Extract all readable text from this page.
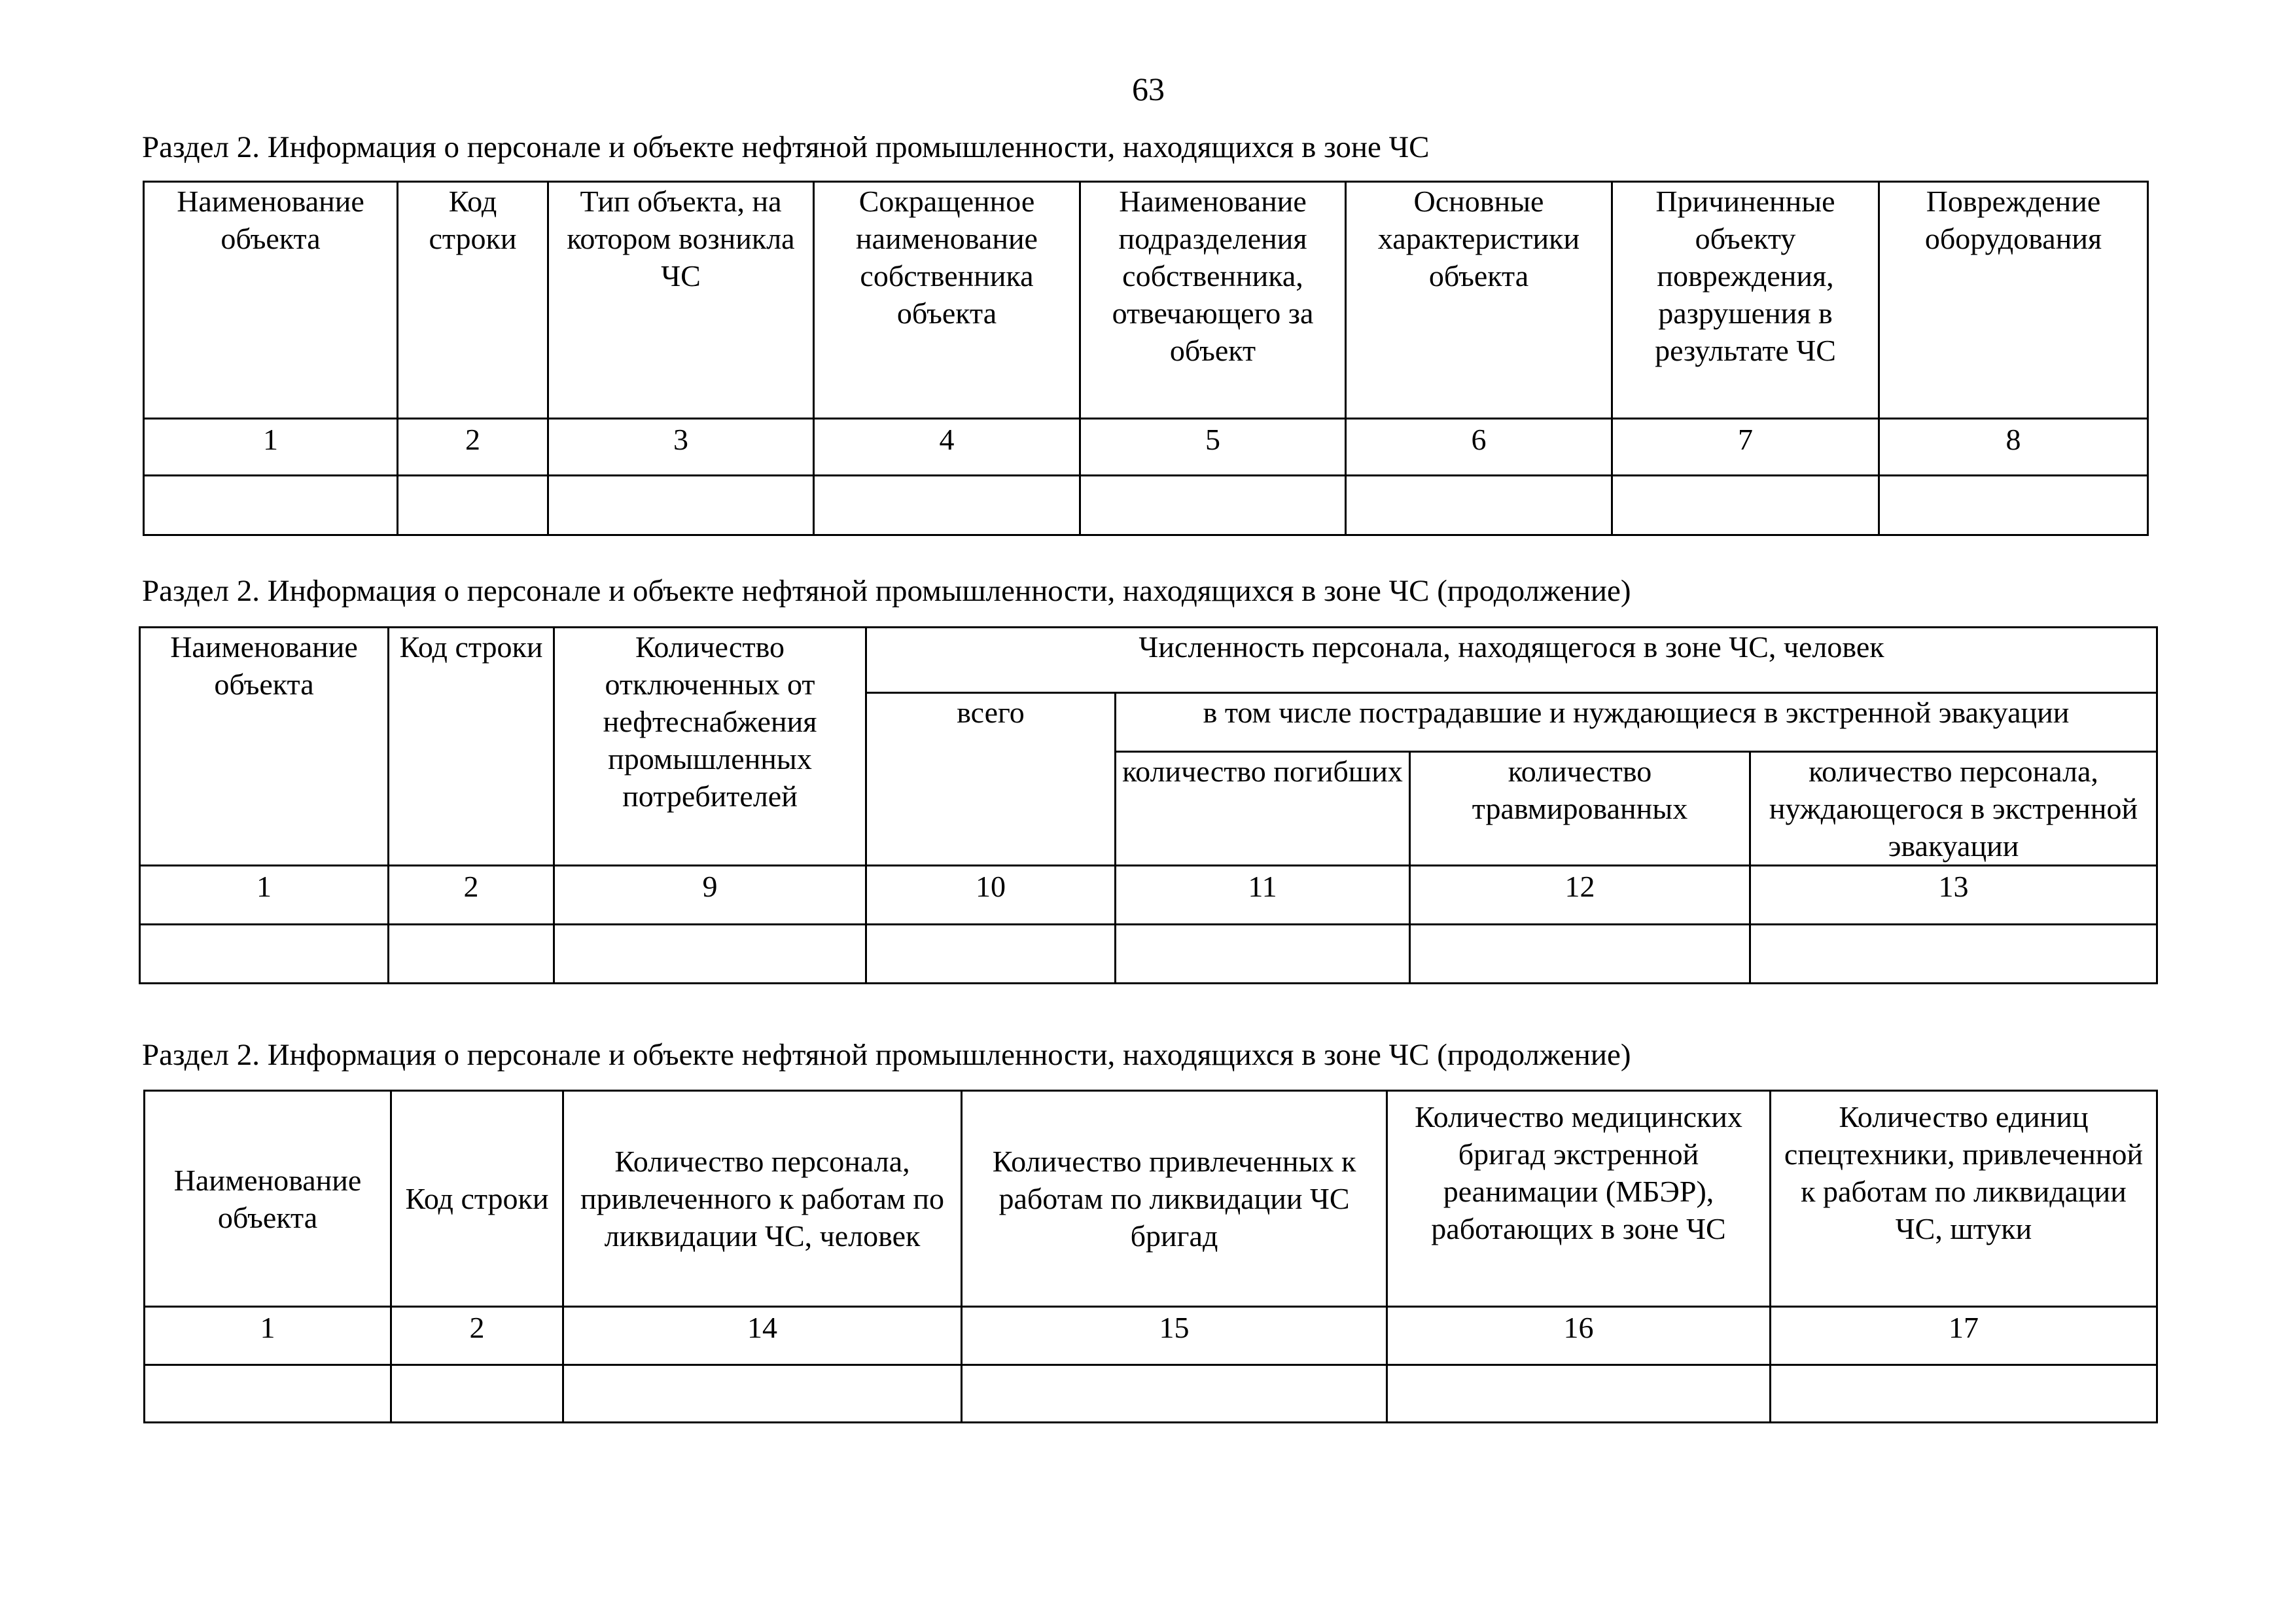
63
Раздел 2. Информация о персонале и объекте нефтяной промышленности, находящихся в зоне ЧС
Наименование объекта	Код строки	Тип объекта, на котором возникла ЧС	Сокращенное наименование собственника объекта	Наименование подразделения собственника, отвечающего за объект	Основные характеристики объекта	Причиненные объекту повреждения, разрушения в результате ЧС	Повреждение оборудования
1	2	3	4	5	6	7	8

Раздел 2. Информация о персонале и объекте нефтяной промышленности, находящихся в зоне ЧС (продолжение)
Наименование объекта	Код строки	Количество отключенных от нефтеснабжения промышленных потребителей	Численность персонала, находящегося в зоне ЧС, человек			
			всего	в том числе пострадавшие и нуждающиеся в экстренной эвакуации		
				количество погибших	количество травмированных	количество персонала, нуждающегося в экстренной эвакуации
1	2	9	10	11	12	13

Раздел 2. Информация о персонале и объекте нефтяной промышленности, находящихся в зоне ЧС (продолжение)
Наименование объекта	Код строки	Количество персонала, привлеченного к работам по ликвидации ЧС, человек	Количество привлеченных к работам по ликвидации ЧС бригад	Количество медицинских бригад экстренной реанимации (МБЭР), работающих в зоне ЧС	Количество единиц спецтехники, привлеченной к работам по ликвидации ЧС, штуки
1	2	14	15	16	17
